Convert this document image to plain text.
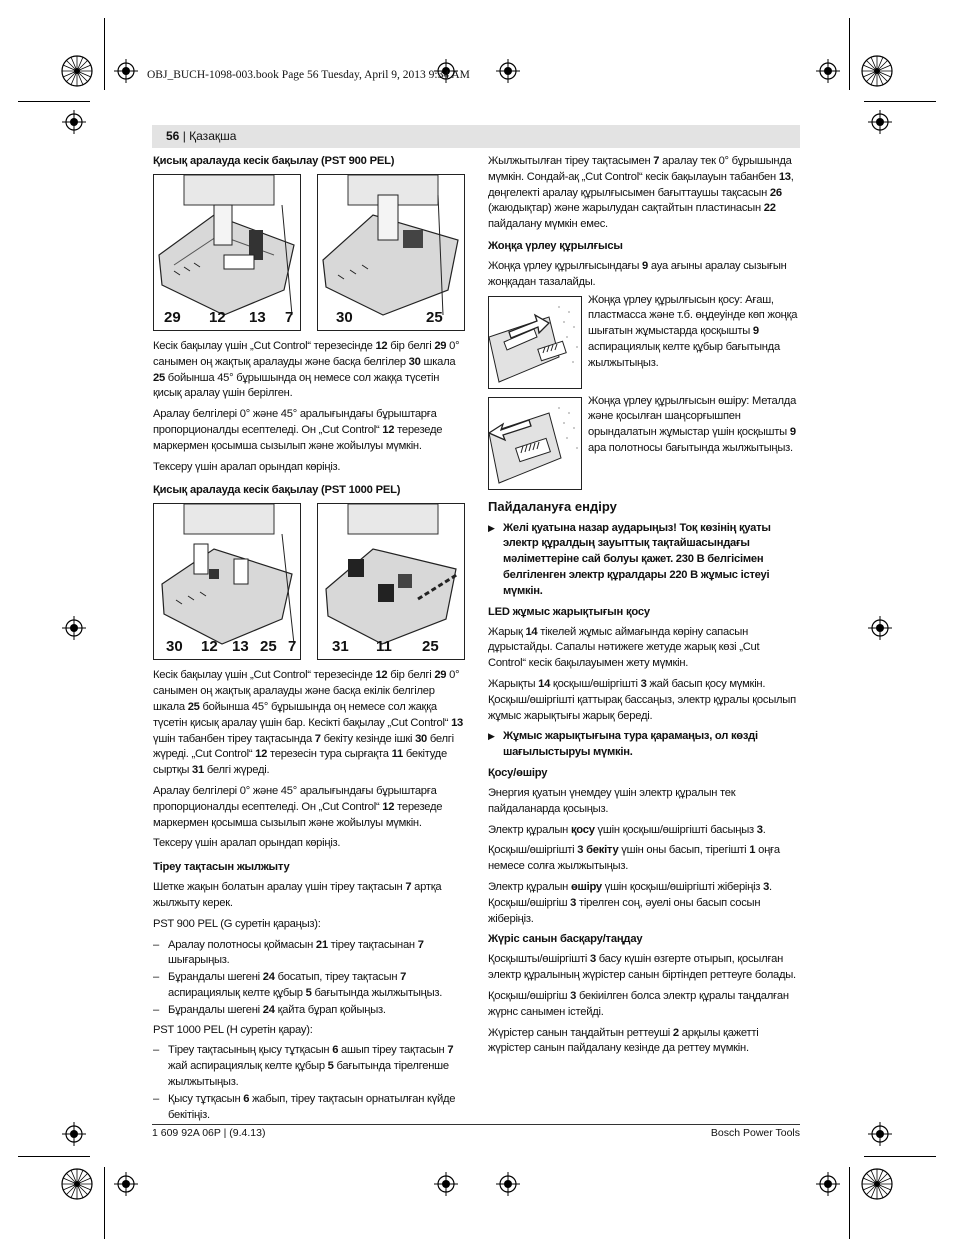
OBJ_BUCH-1098-003.book Page 56 Tuesday, April 9, 2013 9:34 AM
56 | Қазақша
Қисық аралауда кесік бақылау (PST 900 PEL)
29 12 13 7	30	25

Кесік бақылау үшін „Cut Control“ терезесінде 12 бір белгі 29 0° санымен оң жақтық аралауды және басқа белгілер 30 шкала 25 бойынша 45° бұрышында оң немесе сол жаққа түсетін қисық аралау үшін берілген.

Аралау белгілері 0° және 45° аралығындағы бұрыштарға пропорционалды есептеледі. Он „Cut Control“ 12 терезеде маркермен қосымша сызылып және жойылуы мүмкін.

Тексеру үшін аралап орындап көріңіз.

Қисық аралауда кесік бақылау (PST 1000 PEL)
30 12 13 25 7 31 11 25

Кесік бақылау үшін „Cut Control“ терезесінде 12 бір белгі 29 0° санымен оң жақтық аралауды және басқа екілік белгілер шкала 25 бойынша 45° бұрышында оң немесе сол жаққа түсетін қисық аралау үшін бар. Кесікті бақылау „Cut Control“ 13 үшін табанбен тіреу тақтасында 7 бекіту кезінде ішкі 30 белгі жүреді. „Cut Control“ 12 терезесін тура сырғақта 11 бекітуде сыртқы 31 белгі жүреді.

Аралау белгілері 0° және 45° аралығындағы бұрыштарға пропорционалды есептеледі. Он „Cut Control“ 12 терезеде маркермен қосымша сызылып және жойылуы мүмкін.

Тексеру үшін аралап орындап көріңіз.

Тіреу тақтасын жылжыту

Шетке жақын болатын аралау үшін тіреу тақтасын 7 артқа жылжыту керек.

PST 900 PEL (G суретін қараңыз):

– Аралау полотносы қоймасын 21 тіреу тақтасынан 7 шығарыңыз.
– Бұрандалы шегені 24 босатып, тіреу тақтасын 7 аспирациялық келте құбыр 5 бағытында жылжытыңыз.
– Бұрандалы шегені 24 қайта бұрап қойыңыз.

PST 1000 PEL (H суретін қарау):

– Тіреу тақтасының қысу тұтқасын 6 ашып тіреу тақтасын 7 жай аспирациялық келте құбыр 5 бағытында тірелгенше жылжытыңыз.
– Қысу тұтқасын 6 жабып, тіреу тақтасын орнатылған күйде бекітіңіз.

Жылжытылған тіреу тақтасымен 7 аралау тек 0° бұрышында мүмкін. Сондай-ақ „Cut Control“ кесік бақылауын табанбен 13, дөңгелекті аралау құрылғысымен бағыттаушы тақсасын 26 (жаюдықтар) және жарылудан сақтайтын пластинасын 22 пайдалану мүмкін емес.

Жоңқа үрлеу құрылғысы

Жоңқа үрлеу құрылғысындағы 9 ауа ағыны аралау сызығын жоңқадан тазалайды.

Жоңқа үрлеу құрылғысын қосу: Ағаш, пластмасса және т.б. өңдеуінде көп жоңқа шығатын жұмыстарда қосқышты 9 аспирациялық келте құбыр бағытында жылжытыңыз.
Жоңқа үрлеу құрылғысын өшіру: Металда және қосылған шаңсорғышпен орындалатын жұмыстар үшін қосқышты 9 ара полотносы бағытында жылжытыңыз.
Пайдалануға ендіру
▶ Желі қуатына назар аударыңыз! Тоқ көзінің қуаты электр құралдың зауыттық тақтайшасындағы мәліметтеріне сай болуы қажет. 230 В белгісімен белгіленген электр құралдары 220 В жұмыс істеуі мүмкін.
LED жұмыс жарықтығын қосу

Жарық 14 тікелей жұмыс аймағында көрiну сапасын дұрыстайды. Сапалы нәтижеге жетуде жарық көзі „Cut Control“ кесік бақылауымен жету мүмкін.

Жарықты 14 қосқыш/өшіргішті 3 жай басып қосу мүмкін. Қосқыш/өшіргішті қаттырақ бассаңыз, электр құралы қосылып жұмыс жарықтығы жарық береді.

▶ Жұмыс жарықтығына тура қарамаңыз, ол көзді шағылыстыруы мүмкін.
Қосу/өшіру

Энергия қуатын үнемдеу үшін электр құралын тек пайдаланарда қосыңыз.

Электр құралын қосу үшін қосқыш/өшіргішті басыңыз 3.

Қосқыш/өшіргішті 3 бекіту үшін оны басып, тірегішті 1 оңға немесе солға жылжытыңыз.

Электр құралын өшіру үшін қосқыш/өшіргішті жіберіңіз 3. Қосқыш/өшіргіш 3 тірелген соң, әуелі оны басып сосын жіберіңіз.

Жүріс санын басқару/таңдау

Қосқышты/өшіргішті 3 басу күшін өзгерте отырып, қосылған электр құралының жүрістер санын біртіндеп реттеуге болады.

Қосқыш/өшіргіш 3 бекіиілген болса электр құралы таңдалған жүрнс санымен істейді.

Жүрістер санын таңдайтын реттеуші 2 арқылы қажетті жүрістер санын пайдалану кезінде да реттеу мүмкін.

1 609 92A 06P | (9.4.13)	Bosch Power Tools
